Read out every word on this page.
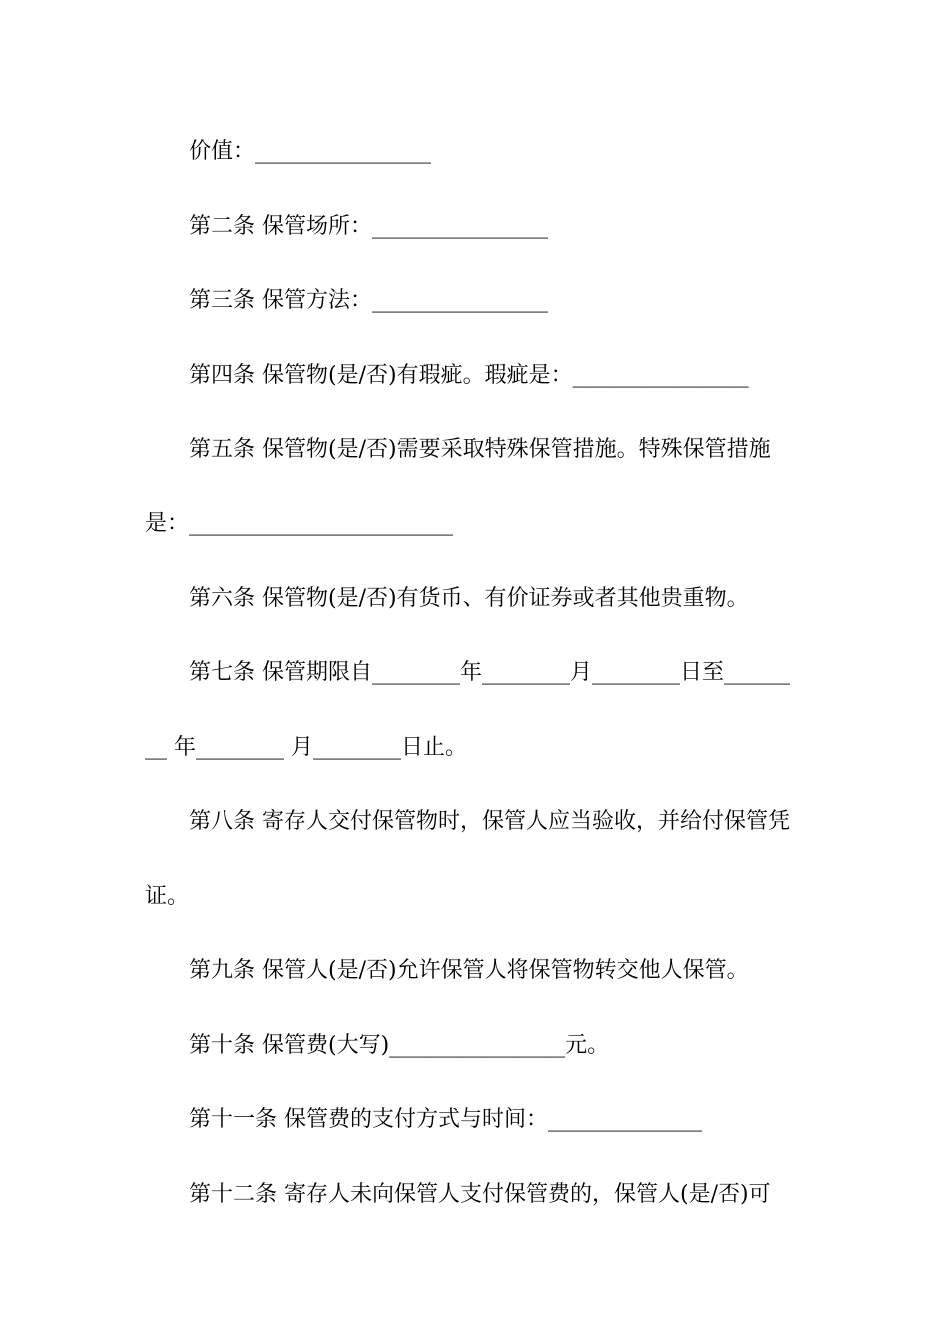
价值：________________
第二条 保管场所：________________
第三条 保管方法：________________
第四条 保管物(是/否)有瑕疵。瑕疵是：________________
第五条 保管物(是/否)需要采取特殊保管措施。特殊保管措施
是：________________________
第六条 保管物(是/否)有货币、有价证券或者其他贵重物。
第七条 保管期限自________年________月________日至______
__ 年________ 月________日止。
第八条 寄存人交付保管物时，保管人应当验收，并给付保管凭
证。
第九条 保管人(是/否)允许保管人将保管物转交他人保管。
第十条 保管费(大写)________________元。
第十一条 保管费的支付方式与时间：______________
第十二条 寄存人未向保管人支付保管费的，保管人(是/否)可
